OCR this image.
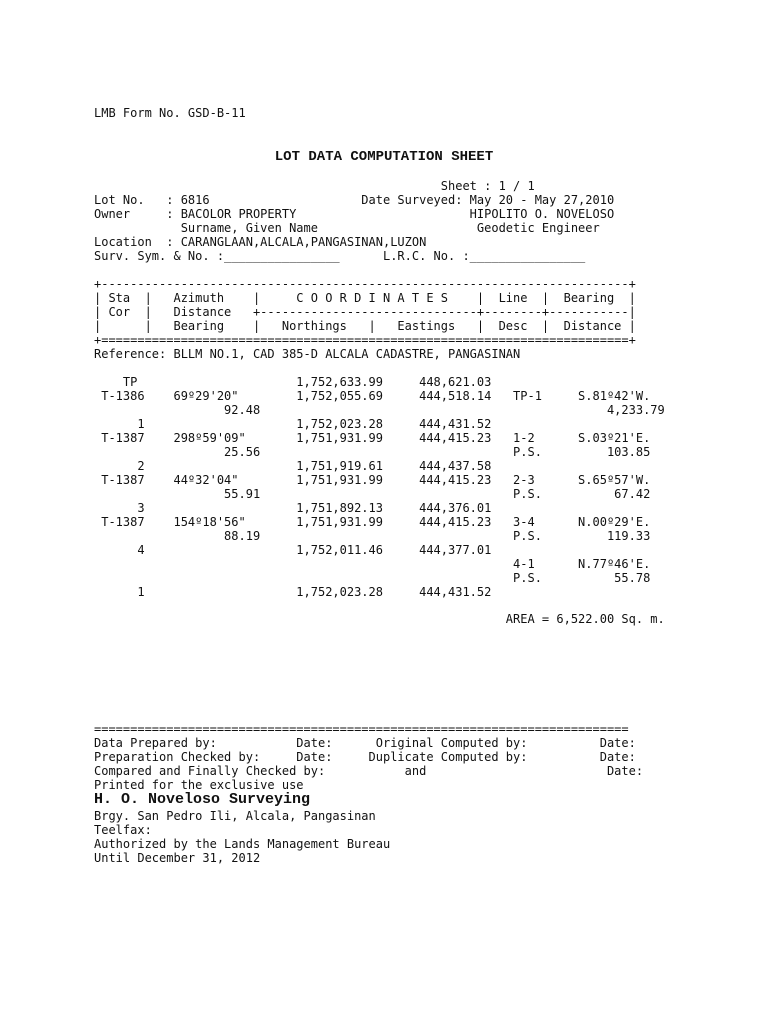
LMB Form No. GSD-B-11
LOT DATA COMPUTATION SHEET
Sheet : 1 / 1
Lot No.   : 6816                     Date Surveyed: May 20 - May 27,2010
Owner     : BACOLOR PROPERTY                        HIPOLITO O. NOVELOSO
Surname, Given Name                      Geodetic Engineer
Location  : CARANGLAAN,ALCALA,PANGASINAN,LUZON
Surv. Sym. & No. :________________      L.R.C. No. :________________
+-------------------------------------------------------------------------+
| Sta  |   Azimuth    |     C O O R D I N A T E S    |  Line  |  Bearing  |
| Cor  |   Distance   +------------------------------+--------+-----------|
|      |   Bearing    |   Northings   |   Eastings   |  Desc  |  Distance |
+=========================================================================+
Reference: BLLM NO.1, CAD 385-D ALCALA CADASTRE, PANGASINAN
TP                      1,752,633.99     448,621.03
T-1386    69º29'20"        1,752,055.69     444,518.14   TP-1     S.81º42'W.
92.48                                                4,233.79
1                     1,752,023.28     444,431.52
T-1387    298º59'09"       1,751,931.99     444,415.23   1-2      S.03º21'E.
25.56                                   P.S.         103.85
2                     1,751,919.61     444,437.58
T-1387    44º32'04"        1,751,931.99     444,415.23   2-3      S.65º57'W.
55.91                                   P.S.          67.42
3                     1,751,892.13     444,376.01
T-1387    154º18'56"       1,751,931.99     444,415.23   3-4      N.00º29'E.
88.19                                   P.S.         119.33
4                     1,752,011.46     444,377.01
4-1      N.77º46'E.
P.S.          55.78
1                     1,752,023.28     444,431.52
AREA = 6,522.00 Sq. m.
==========================================================================
Data Prepared by:           Date:      Original Computed by:          Date:
Preparation Checked by:     Date:     Duplicate Computed by:          Date:
Compared and Finally Checked by:           and                         Date:
Printed for the exclusive use
H. O. Noveloso Surveying
Brgy. San Pedro Ili, Alcala, Pangasinan
Teelfax:
Authorized by the Lands Management Bureau
Until December 31, 2012
